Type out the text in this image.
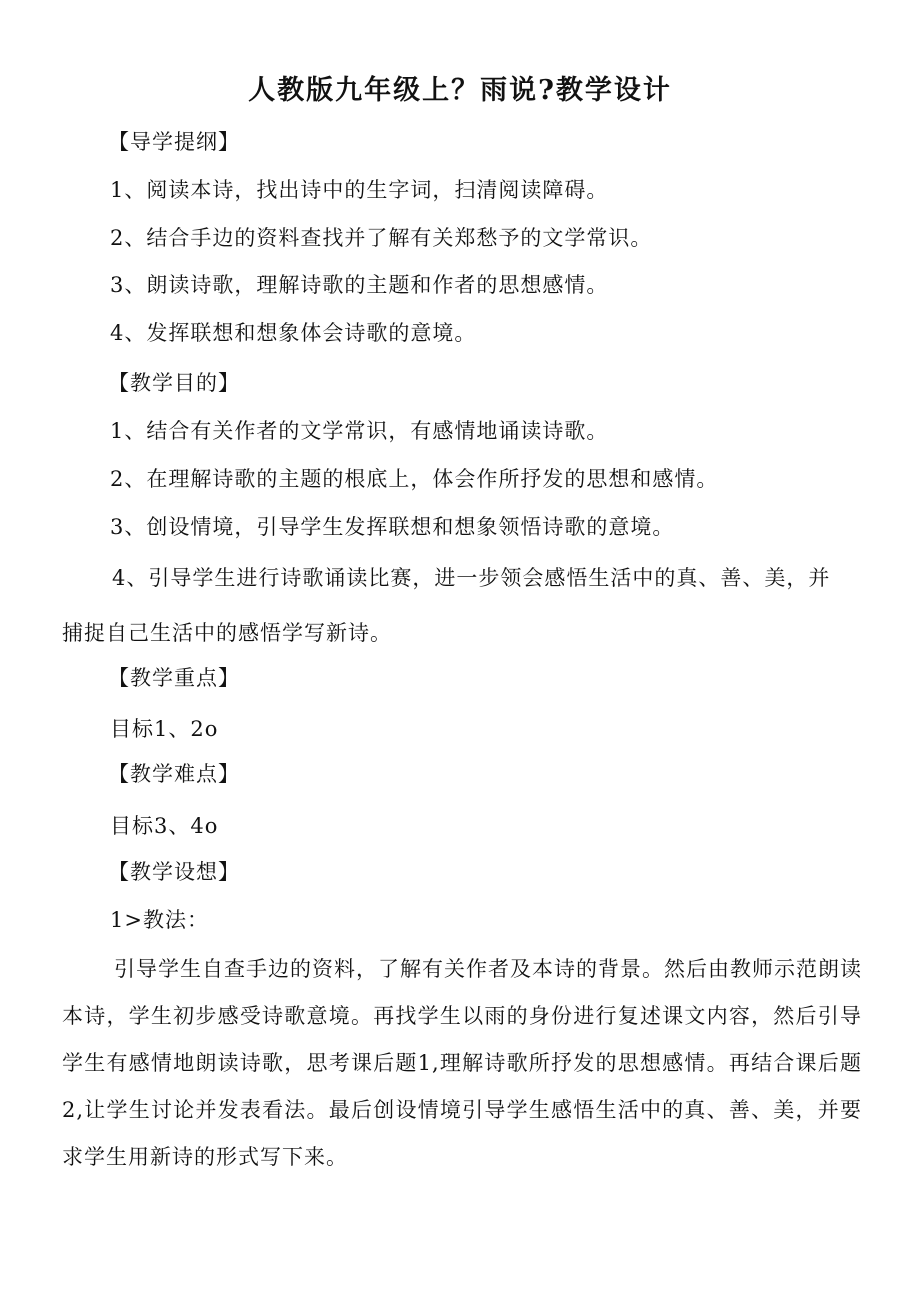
人教版九年级上？雨说?教学设计
【导学提纲】
1、阅读本诗，找出诗中的生字词，扫清阅读障碍。
2、结合手边的资料查找并了解有关郑愁予的文学常识。
3、朗读诗歌，理解诗歌的主题和作者的思想感情。
4、发挥联想和想象体会诗歌的意境。
【教学目的】
1、结合有关作者的文学常识，有感情地诵读诗歌。
2、在理解诗歌的主题的根底上，体会作所抒发的思想和感情。
3、创设情境，引导学生发挥联想和想象领悟诗歌的意境。

4、引导学生进行诗歌诵读比赛，进一步领会感悟生活中的真、善、美，并捕捉自己生活中的感悟学写新诗。

【教学重点】
目标1、2o
【教学难点】
目标3、4o
【教学设想】
1>教法：

引导学生自查手边的资料，了解有关作者及本诗的背景。然后由教师示范朗读本诗，学生初步感受诗歌意境。再找学生以雨的身份进行复述课文内容，然后引导学生有感情地朗读诗歌，思考课后题1,理解诗歌所抒发的思想感情。再结合课后题2,让学生讨论并发表看法。最后创设情境引导学生感悟生活中的真、善、美，并要求学生用新诗的形式写下来。
